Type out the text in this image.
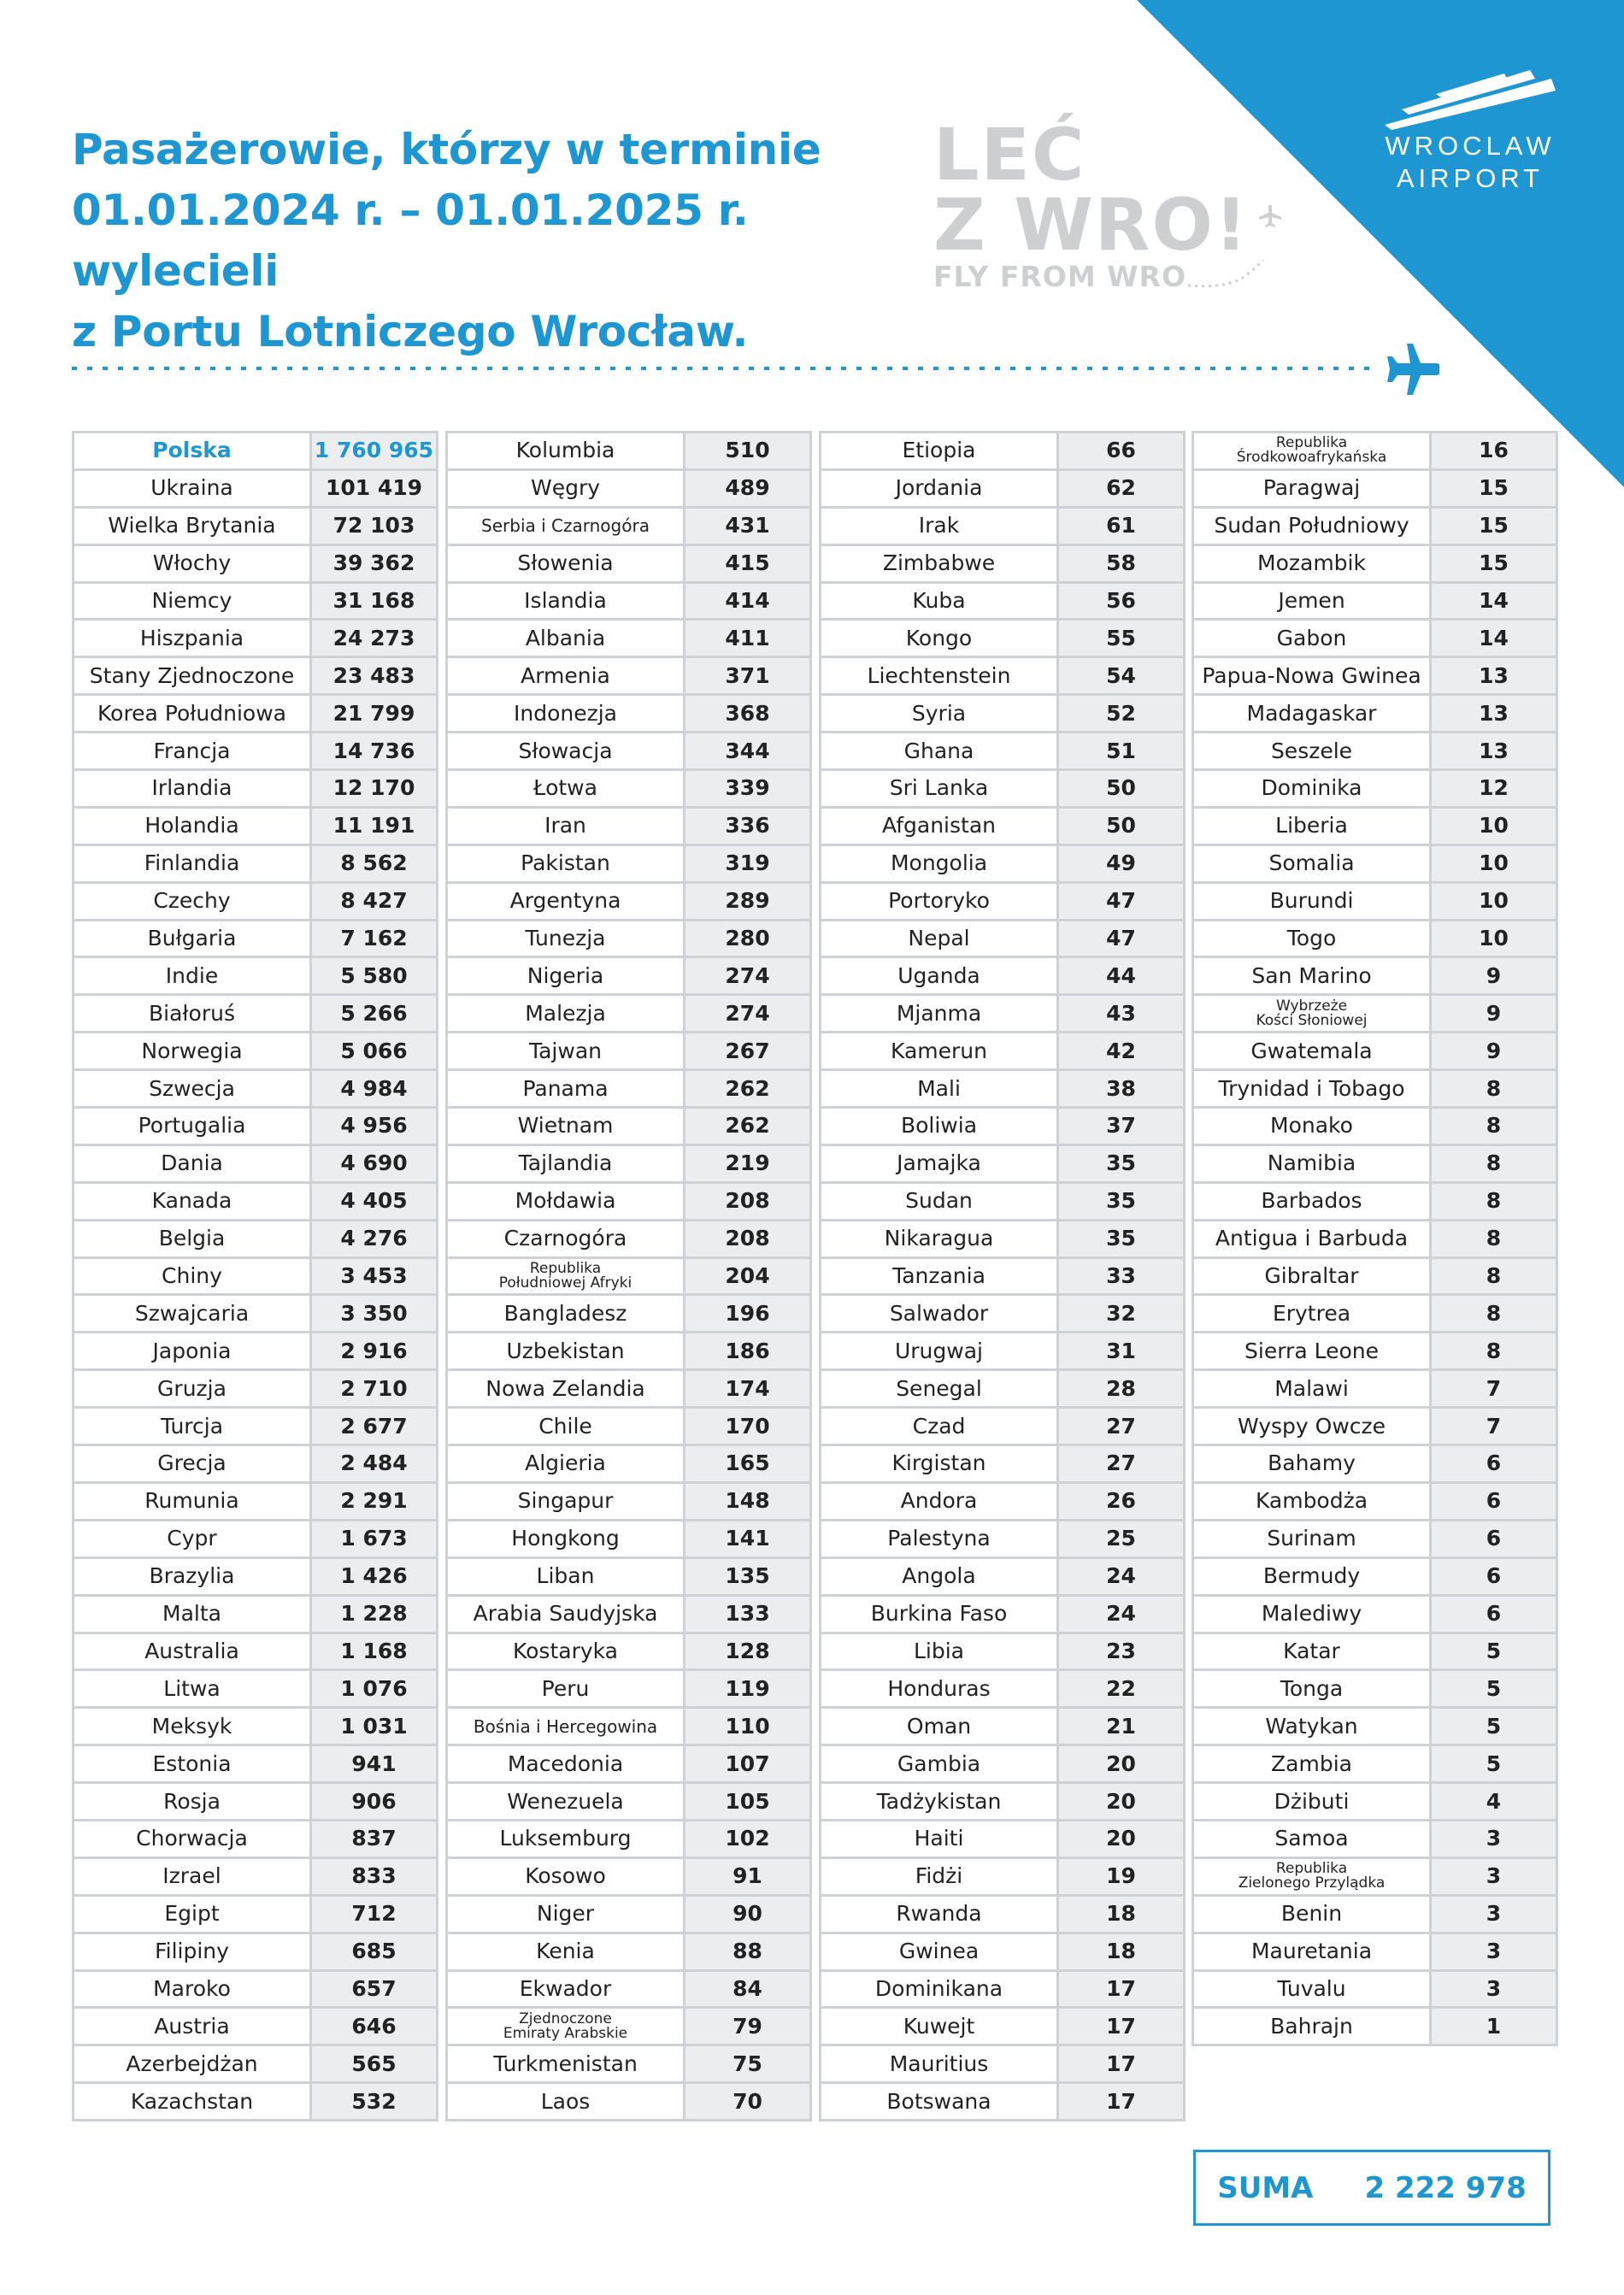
Pasażerowie, którzy w terminie
01.01.2024 r. – 01.01.2025 r. wylecieli
z Portu Lotniczego Wrocław.
LEĆ
Z WRO!
FLY FROM WRO
WROCLAW
AIRPORT
Polska	1 760 965
Ukraina	101 419
Wielka Brytania	72 103
Włochy	39 362
Niemcy	31 168
Hiszpania	24 273
Stany Zjednoczone	23 483
Korea Południowa	21 799
Francja	14 736
Irlandia	12 170
Holandia	11 191
Finlandia	8 562
Czechy	8 427
Bułgaria	7 162
Indie	5 580
Białoruś	5 266
Norwegia	5 066
Szwecja	4 984
Portugalia	4 956
Dania	4 690
Kanada	4 405
Belgia	4 276
Chiny	3 453
Szwajcaria	3 350
Japonia	2 916
Gruzja	2 710
Turcja	2 677
Grecja	2 484
Rumunia	2 291
Cypr	1 673
Brazylia	1 426
Malta	1 228
Australia	1 168
Litwa	1 076
Meksyk	1 031
Estonia	941
Rosja	906
Chorwacja	837
Izrael	833
Egipt	712
Filipiny	685
Maroko	657
Austria	646
Azerbejdżan	565
Kazachstan	532
Kolumbia	510
Węgry	489
Serbia i Czarnogóra	431
Słowenia	415
Islandia	414
Albania	411
Armenia	371
Indonezja	368
Słowacja	344
Łotwa	339
Iran	336
Pakistan	319
Argentyna	289
Tunezja	280
Nigeria	274
Malezja	274
Tajwan	267
Panama	262
Wietnam	262
Tajlandia	219
Mołdawia	208
Czarnogóra	208
Republika
Południowej Afryki	204
Bangladesz	196
Uzbekistan	186
Nowa Zelandia	174
Chile	170
Algieria	165
Singapur	148
Hongkong	141
Liban	135
Arabia Saudyjska	133
Kostaryka	128
Peru	119
Bośnia i Hercegowina	110
Macedonia	107
Wenezuela	105
Luksemburg	102
Kosowo	91
Niger	90
Kenia	88
Ekwador	84
Zjednoczone
Emiraty Arabskie	79
Turkmenistan	75
Laos	70
Etiopia	66
Jordania	62
Irak	61
Zimbabwe	58
Kuba	56
Kongo	55
Liechtenstein	54
Syria	52
Ghana	51
Sri Lanka	50
Afganistan	50
Mongolia	49
Portoryko	47
Nepal	47
Uganda	44
Mjanma	43
Kamerun	42
Mali	38
Boliwia	37
Jamajka	35
Sudan	35
Nikaragua	35
Tanzania	33
Salwador	32
Urugwaj	31
Senegal	28
Czad	27
Kirgistan	27
Andora	26
Palestyna	25
Angola	24
Burkina Faso	24
Libia	23
Honduras	22
Oman	21
Gambia	20
Tadżykistan	20
Haiti	20
Fidżi	19
Rwanda	18
Gwinea	18
Dominikana	17
Kuwejt	17
Mauritius	17
Botswana	17
Republika
Środkowoafrykańska	16
Paragwaj	15
Sudan Południowy	15
Mozambik	15
Jemen	14
Gabon	14
Papua-Nowa Gwinea	13
Madagaskar	13
Seszele	13
Dominika	12
Liberia	10
Somalia	10
Burundi	10
Togo	10
San Marino	9
Wybrzeże
Kości Słoniowej	9
Gwatemala	9
Trynidad i Tobago	8
Monako	8
Namibia	8
Barbados	8
Antigua i Barbuda	8
Gibraltar	8
Erytrea	8
Sierra Leone	8
Malawi	7
Wyspy Owcze	7
Bahamy	6
Kambodża	6
Surinam	6
Bermudy	6
Malediwy	6
Katar	5
Tonga	5
Watykan	5
Zambia	5
Dżibuti	4
Samoa	3
Republika
Zielonego Przylądka	3
Benin	3
Mauretania	3
Tuvalu	3
Bahrajn	1
SUMA 2 222 978
